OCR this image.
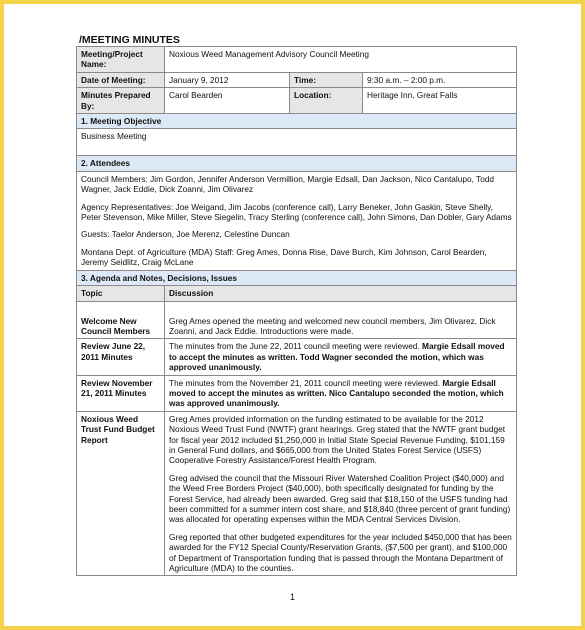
/MEETING MINUTES
Meeting/Project Name:	Noxious Weed Management Advisory Council Meeting		
Date of Meeting:	January 9, 2012	Time:	9:30 a.m. – 2:00 p.m.
Minutes Prepared By:	Carol Bearden	Location:	Heritage Inn, Great Falls
1. Meeting Objective			
Business Meeting			
2. Attendees			

Council Members: Jim Gordon, Jennifer Anderson Vermillion, Margie Edsall, Dan Jackson, Nico Cantalupo, Todd Wagner, Jack Eddie, Dick Zoanni, Jim Olivarez

Agency Representatives: Joe Weigand, Jim Jacobs (conference call), Larry Beneker, John Gaskin, Steve Shelly, Peter Stevenson, Mike Miller, Steve Siegelin, Tracy Sterling (conference call), John Simons, Dan Dobler, Gary Adams

Guests: Taelor Anderson, Joe Merenz, Celestine Duncan

Montana Dept. of Agriculture (MDA) Staff: Greg Ames, Donna Rise, Dave Burch, Kim Johnson, Carol Bearden, Jeremy Seidlitz, Craig McLane			

3. Agenda and Notes, Decisions, Issues			
Topic	Discussion		
Welcome New Council Members	Greg Ames opened the meeting and welcomed new council members, Jim Olivarez, Dick Zoanni, and Jack Eddie. Introductions were made.		
Review June 22, 2011 Minutes	The minutes from the June 22, 2011 council meeting were reviewed. Margie Edsall moved to accept the minutes as written. Todd Wagner seconded the motion, which was approved unanimously.		
Review November 21, 2011 Minutes	The minutes from the November 21, 2011 council meeting were reviewed. Margie Edsall moved to accept the minutes as written. Nico Cantalupo seconded the motion, which was approved unanimously.		
Noxious Weed Trust Fund Budget Report	Greg Ames provided information on the funding estimated to be available for the 2012 Noxious Weed Trust Fund (NWTF) grant hearings. Greg stated that the NWTF grant budget for fiscal year 2012 included $1,250,000 in Initial State Special Revenue Funding, $101,159 in General Fund dollars, and $665,000 from the United States Forest Service (USFS) Cooperative Forestry Assistance/Forest Health Program.

Greg advised the council that the Missouri River Watershed Coalition Project ($40,000) and the Weed Free Borders Project ($40,000), both specifically designated for funding by the Forest Service, had already been awarded. Greg said that $18,150 of the USFS funding had been committed for a summer intern cost share, and $18,840 (three percent of grant funding) was allocated for operating expenses within the MDA Central Services Division.

Greg reported that other budgeted expenditures for the year included $450,000 that has been awarded for the FY12 Special County/Reservation Grants, ($7,500 per grant), and $100,000 of Department of Transportation funding that is passed through the Montana Department of Agriculture (MDA) to the counties.		

1
